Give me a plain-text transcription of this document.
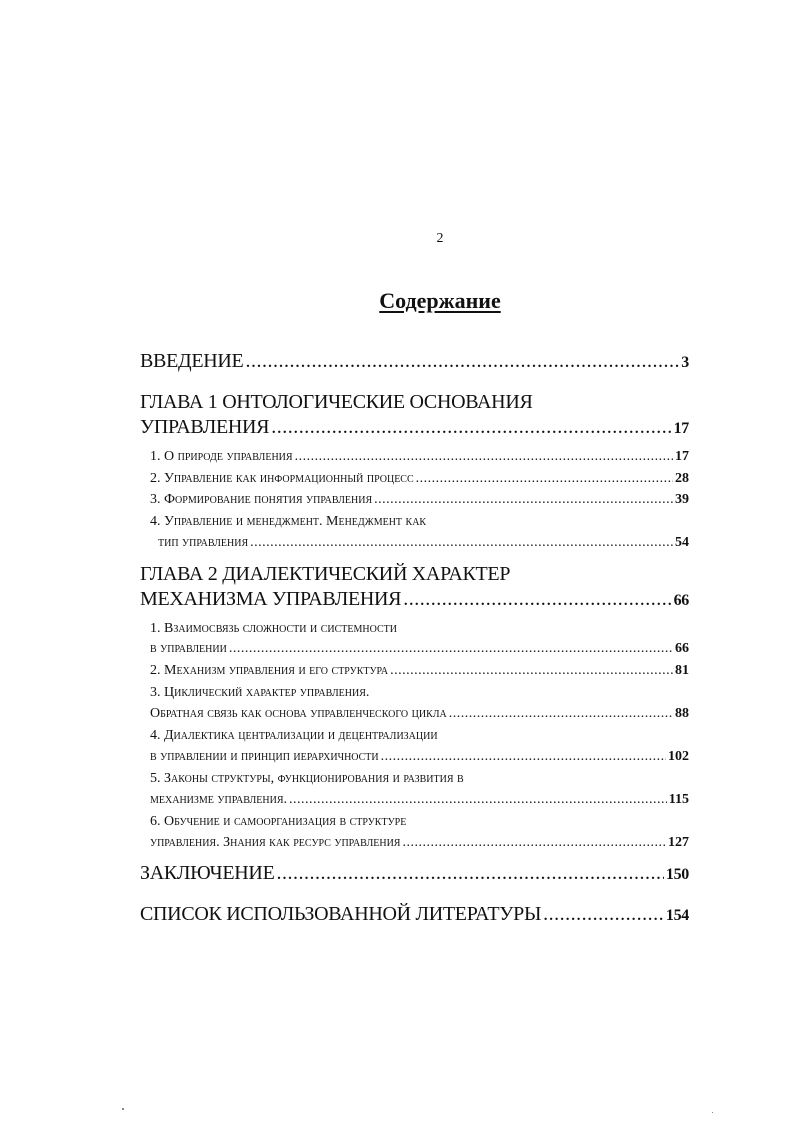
2
Содержание
ВВЕДЕНИЕ .....	3
ГЛАВА 1 ОНТОЛОГИЧЕСКИЕ ОСНОВАНИЯ
УПРАВЛЕНИЯ .....	17
1. О природе управления .....	17
2. Управление как информационный процесс .....	28
3. Формирование понятия управления .....	39
4. Управление и менеджмент. Менеджмент как
тип управления .....	54
ГЛАВА 2 ДИАЛЕКТИЧЕСКИЙ ХАРАКТЕР
МЕХАНИЗМА УПРАВЛЕНИЯ .....	66
1. Взаимосвязь сложности и системности
в управлении .....	66
2. Механизм управления и его структура .....	81
3. Циклический характер управления.
Обратная связь как основа управленческого цикла .....	88
4. Диалектика централизации и децентрализации
в управлении и принцип иерархичности .....	102
5. Законы структуры, функционирования и развития в
механизме управления. .....	115
6. Обучение и самоорганизация в структуре
управления. Знания как ресурс управления .....	127
ЗАКЛЮЧЕНИЕ .....	150
СПИСОК ИСПОЛЬЗОВАННОЙ ЛИТЕРАТУРЫ .....	154
